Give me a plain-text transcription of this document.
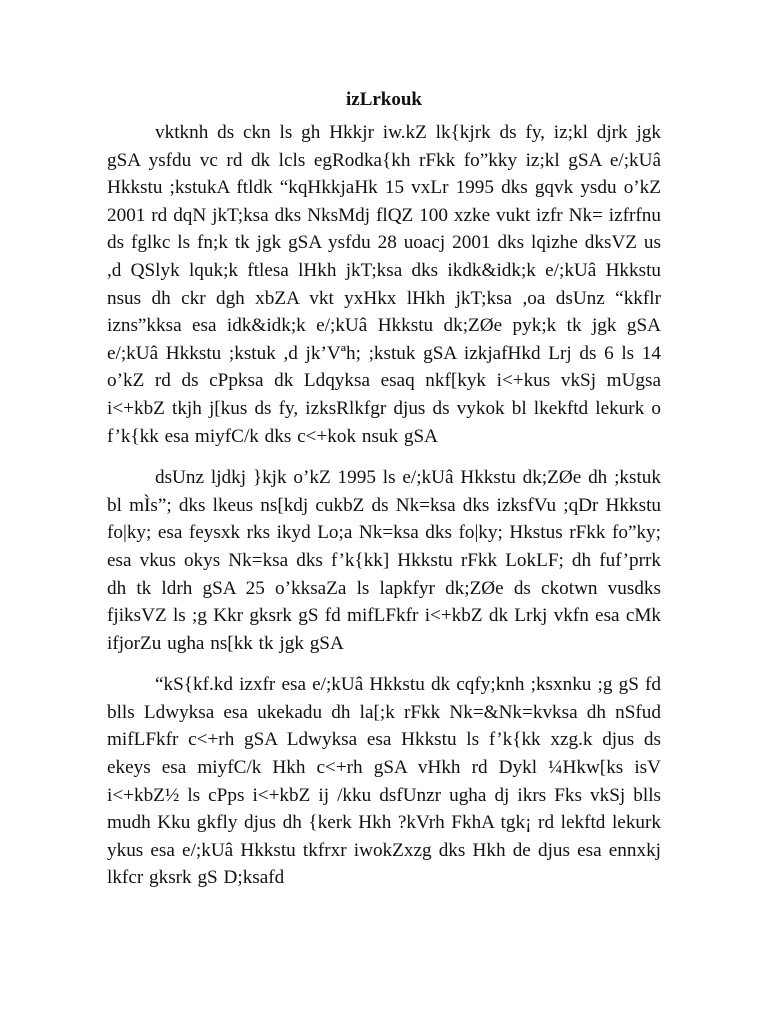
izLrkouk

vktknh ds ckn ls gh Hkkjr iw.kZ lk{kjrk ds fy, iz;kl djrk jgk gSA ysfdu vc rd dk lcls egRodka{kh rFkk fo”kky iz;kl gSA e/;kUâ Hkkstu ;kstukA ftldk “kqHkkjaHk 15 vxLr 1995 dks gqvk ysdu o’kZ 2001 rd dqN jkT;ksa dks NksMdj flQZ 100 xzke vukt izfr Nk= izfrfnu ds fglkc ls fn;k tk jgk gSA ysfdu 28 uoacj 2001 dks lqizhe dksVZ us ,d QSlyk lquk;k ftlesa lHkh jkT;ksa dks ikdk&idk;k e/;kUâ Hkkstu nsus dh ckr dgh xbZA vkt yxHkx lHkh jkT;ksa ,oa dsUnz “kkflr izns”kksa esa idk&idk;k e/;kUâ Hkkstu dk;ZØe pyk;k tk jgk gSA e/;kUâ Hkkstu ;kstuk ,d jk’Vªh; ;kstuk gSA izkjafHkd Lrj ds 6 ls 14 o’kZ rd ds cPpksa dk Ldqyksa esaq nkf[kyk i<+kus vkSj mUgsa i<+kbZ tkjh j[kus ds fy, izksRlkfgr djus ds vykok bl lkekftd lekurk o f’k{kk esa miyfC/k dks c<+kok nsuk gSA

dsUnz ljdkj }kjk o’kZ 1995 ls e/;kUâ Hkkstu dk;ZØe dh ;kstuk bl mÌs”; dks lkeus ns[kdj cukbZ ds Nk=ksa dks izksfVu ;qDr Hkkstu fo|ky; esa feysxk rks ikyd Lo;a Nk=ksa dks fo|ky; Hkstus rFkk fo”ky; esa vkus okys Nk=ksa dks f’k{kk] Hkkstu rFkk LokLF; dh fuf’prrk dh tk ldrh gSA 25 o’kksaZa ls lapkfyr dk;ZØe ds ckotwn vusdks fjiksVZ ls ;g Kkr gksrk gS fd mifLFkfr i<+kbZ dk Lrkj vkfn esa cMk ifjorZu ugha ns[kk tk jgk gSA

“kS{kf.kd izxfr esa e/;kUâ Hkkstu dk cqfy;knh ;ksxnku ;g gS fd blls Ldwyksa esa ukekadu dh la[;k rFkk Nk=&Nk=kvksa dh nSfud mifLFkfr c<+rh gSA Ldwyksa esa Hkkstu ls f’k{kk xzg.k djus ds ekeys esa miyfC/k Hkh c<+rh gSA vHkh rd Dykl ¼Hkw[ks isV i<+kbZ½ ls cPps i<+kbZ ij /kku dsfUnzr ugha dj ikrs Fks vkSj blls mudh Kku gkfly djus dh {kerk Hkh ?kVrh FkhA tgk¡ rd lekftd lekurk ykus esa e/;kUâ Hkkstu tkfrxr iwokZxzg dks Hkh de djus esa ennxkj lkfcr gksrk gS D;ksafd
